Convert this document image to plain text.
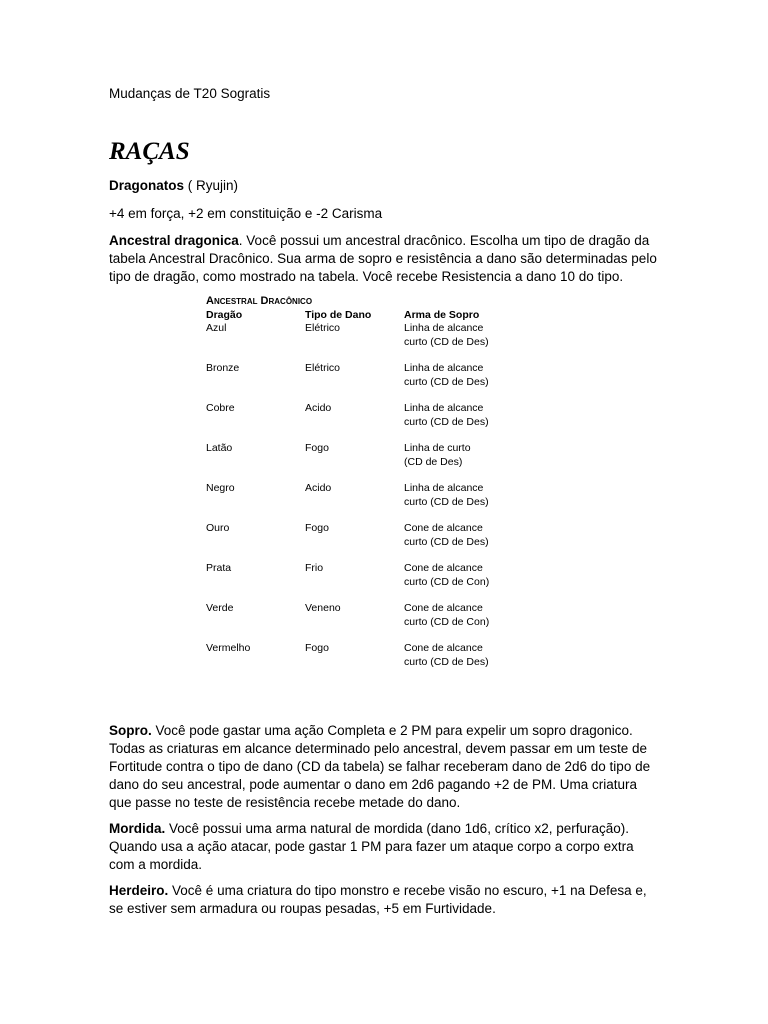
Mudanças de T20 Sogratis
RAÇAS
Dragonatos ( Ryujin)
+4 em força, +2 em constituição e -2 Carisma
Ancestral dragonica. Você possui um ancestral dracônico. Escolha um tipo de dragão da tabela Ancestral Dracônico. Sua arma de sopro e resistência a dano são determinadas pelo tipo de dragão, como mostrado na tabela. Você recebe Resistencia a dano 10 do tipo.
Ancestral Dracônico
Dragão	Tipo de Dano	Arma de Sopro
Azul	Elétrico	Linha de alcance
curto (CD de Des)
Bronze	Elétrico	Linha de alcance
curto (CD de Des)
Cobre	Acido	Linha de alcance
curto (CD de Des)
Latão	Fogo	Linha de curto
(CD de Des)
Negro	Acido	Linha de alcance
curto (CD de Des)
Ouro	Fogo	Cone de alcance
curto (CD de Des)
Prata	Frio	Cone de alcance
curto (CD de Con)
Verde	Veneno	Cone de alcance
curto (CD de Con)
Vermelho	Fogo	Cone de alcance
curto (CD de Des)
Sopro. Você pode gastar uma ação Completa e 2 PM para expelir um sopro dragonico. Todas as criaturas em alcance determinado pelo ancestral, devem passar em um teste de Fortitude contra o tipo de dano (CD da tabela) se falhar receberam dano de 2d6 do tipo de dano do seu ancestral, pode aumentar o dano em 2d6 pagando +2 de PM. Uma criatura que passe no teste de resistência recebe metade do dano.
Mordida. Você possui uma arma natural de mordida (dano 1d6, crítico x2, perfuração). Quando usa a ação atacar, pode gastar 1 PM para fazer um ataque corpo a corpo extra com a mordida.
Herdeiro. Você é uma criatura do tipo monstro e recebe visão no escuro, +1 na Defesa e, se estiver sem armadura ou roupas pesadas, +5 em Furtividade.
